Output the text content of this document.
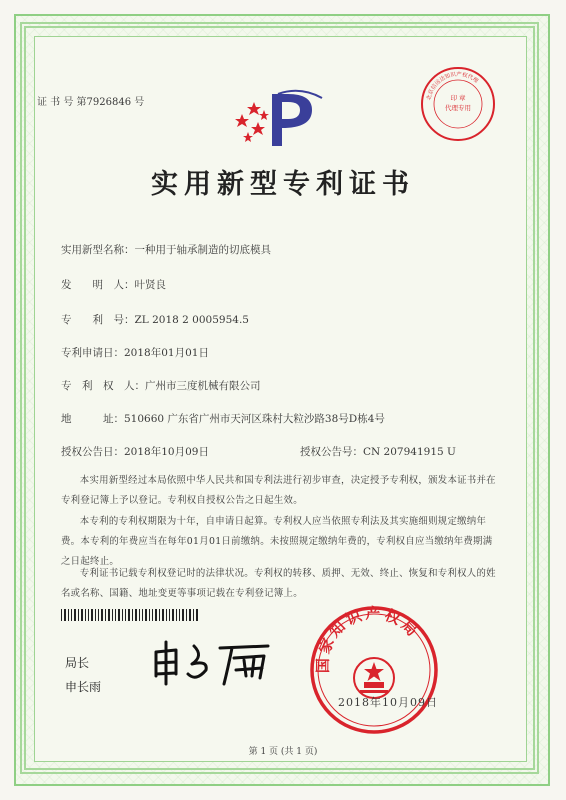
证 书 号 第7926846 号	印 章
代理专用
北京信远达知识产权代理
实用新型专利证书
实用新型名称：一种用于轴承制造的切底模具
发　　明　人：叶贤良
专　　利　号：ZL 2018 2 0005954.5
专利申请日：2018年01月01日
专　利　权　人：广州市三度机械有限公司
地　　　址：510660 广东省广州市天河区珠村大粒沙路38号D栋4号
授权公告日：2018年10月09日	授权公告号：CN 207941915 U
本实用新型经过本局依照中华人民共和国专利法进行初步审查，决定授予专利权，颁发本证书并在专利登记簿上予以登记。专利权自授权公告之日起生效。
本专利的专利权期限为十年，自申请日起算。专利权人应当依照专利法及其实施细则规定缴纳年费。本专利的年费应当在每年01月01日前缴纳。未按照规定缴纳年费的，专利权自应当缴纳年费期满之日起终止。
专利证书记载专利权登记时的法律状况。专利权的转移、质押、无效、终止、恢复和专利权人的姓名或名称、国籍、地址变更等事项记载在专利登记簿上。
局长
申长雨
国家知识产权局
2018年10月09日
第 1 页 (共 1 页)
